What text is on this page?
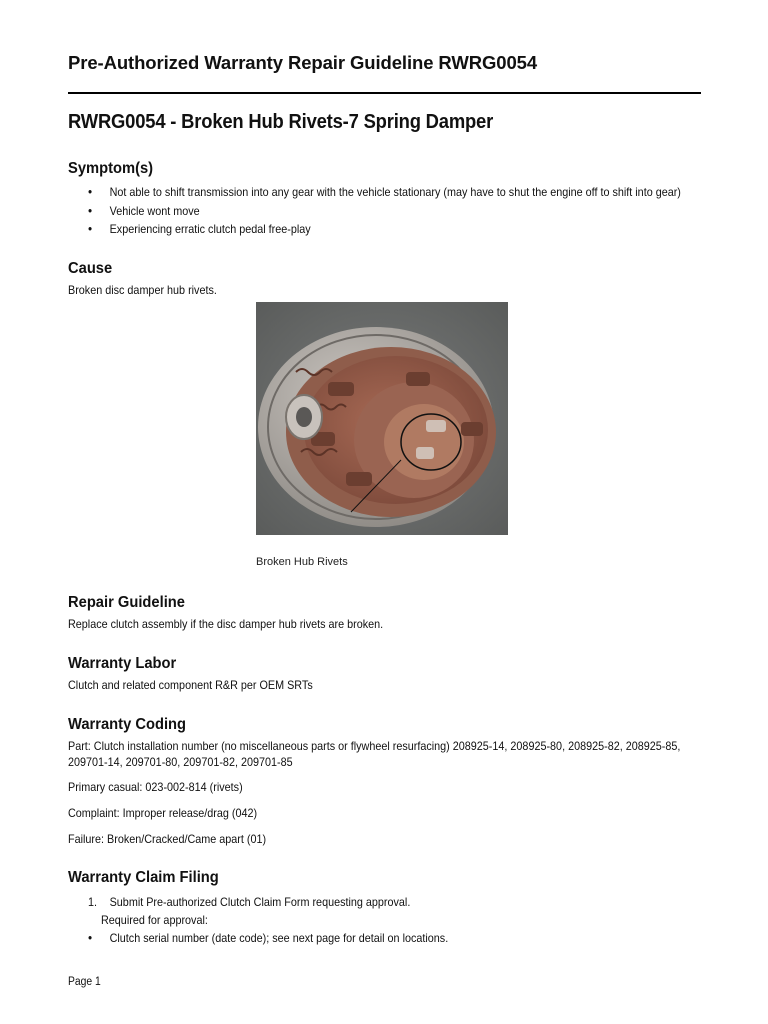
Pre-Authorized Warranty Repair Guideline RWRG0054
RWRG0054 - Broken Hub Rivets-7 Spring Damper
Symptom(s)
• Not able to shift transmission into any gear with the vehicle stationary (may have to shut the engine off to shift into gear)
• Vehicle wont move
• Experiencing erratic clutch pedal free-play
Cause
Broken disc damper hub rivets.
Broken Hub Rivets
Repair Guideline
Replace clutch assembly if the disc damper hub rivets are broken.
Warranty Labor
Clutch and related component R&R per OEM SRTs
Warranty Coding
Part: Clutch installation number (no miscellaneous parts or flywheel resurfacing) 208925-14, 208925-80, 208925-82, 208925-85, 209701-14, 209701-80, 209701-82, 209701-85
Primary casual: 023-002-814 (rivets)
Complaint: Improper release/drag (042)
Failure: Broken/Cracked/Came apart (01)
Warranty Claim Filing
1. Submit Pre-authorized Clutch Claim Form requesting approval.
Required for approval:
• Clutch serial number (date code); see next page for detail on locations.
Page 1
